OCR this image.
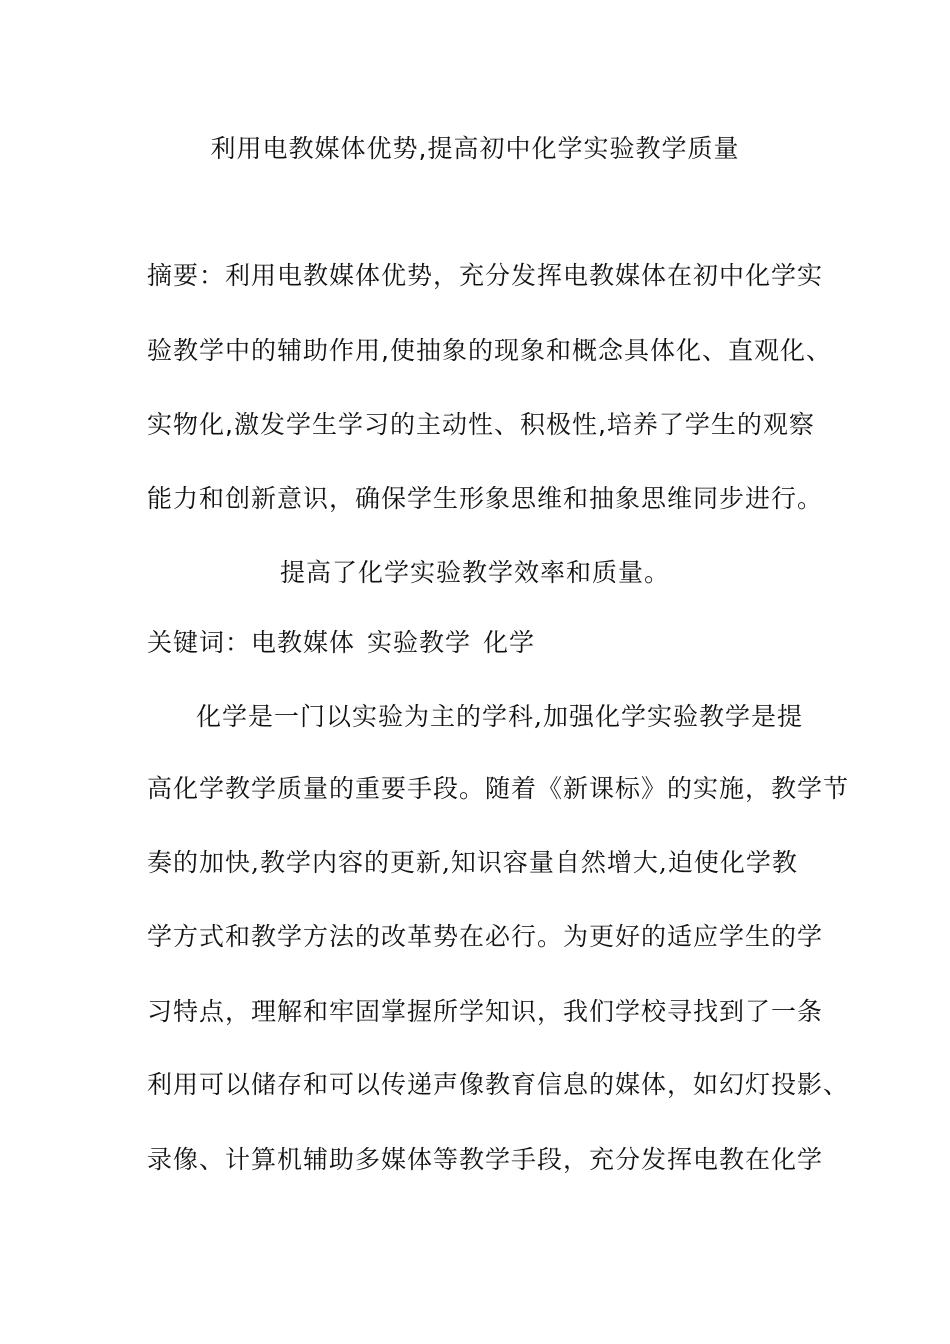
利用电教媒体优势,提高初中化学实验教学质量
摘要：利用电教媒体优势，充分发挥电教媒体在初中化学实
验教学中的辅助作用,使抽象的现象和概念具体化、直观化、
实物化,激发学生学习的主动性、积极性,培养了学生的观察
能力和创新意识，确保学生形象思维和抽象思维同步进行。
提高了化学实验教学效率和质量。
关键词：电教媒体 实验教学 化学
化学是一门以实验为主的学科,加强化学实验教学是提
高化学教学质量的重要手段。随着《新课标》的实施，教学节
奏的加快,教学内容的更新,知识容量自然增大,迫使化学教
学方式和教学方法的改革势在必行。为更好的适应学生的学
习特点，理解和牢固掌握所学知识，我们学校寻找到了一条
利用可以储存和可以传递声像教育信息的媒体，如幻灯投影、
录像、计算机辅助多媒体等教学手段，充分发挥电教在化学
